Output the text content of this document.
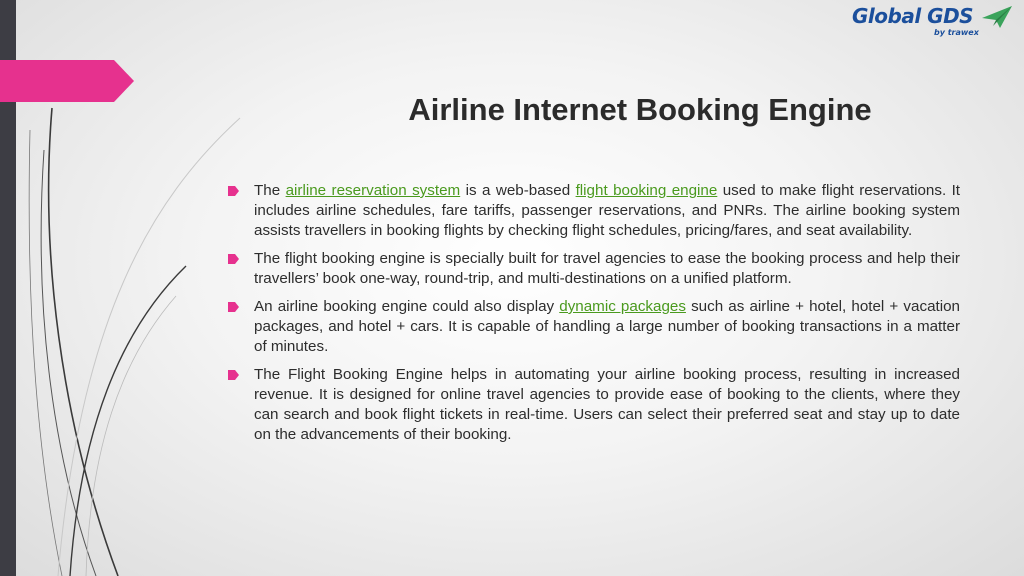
Global GDS
by trawex
Airline Internet Booking Engine
The airline reservation system is a web-based flight booking engine used to make flight reservations. It includes airline schedules, fare tariffs, passenger reservations, and PNRs. The airline booking system assists travellers in booking flights by checking flight schedules, pricing/fares, and seat availability.
The flight booking engine is specially built for travel agencies to ease the booking process and help their travellers’ book one-way, round-trip, and multi-destinations on a unified platform.
An airline booking engine could also display dynamic packages such as airline + hotel, hotel + vacation packages, and hotel + cars. It is capable of handling a large number of booking transactions in a matter of minutes.
The Flight Booking Engine helps in automating your airline booking process, resulting in increased revenue. It is designed for online travel agencies to provide ease of booking to the clients, where they can search and book flight tickets in real-time. Users can select their preferred seat and stay up to date on the advancements of their booking.
